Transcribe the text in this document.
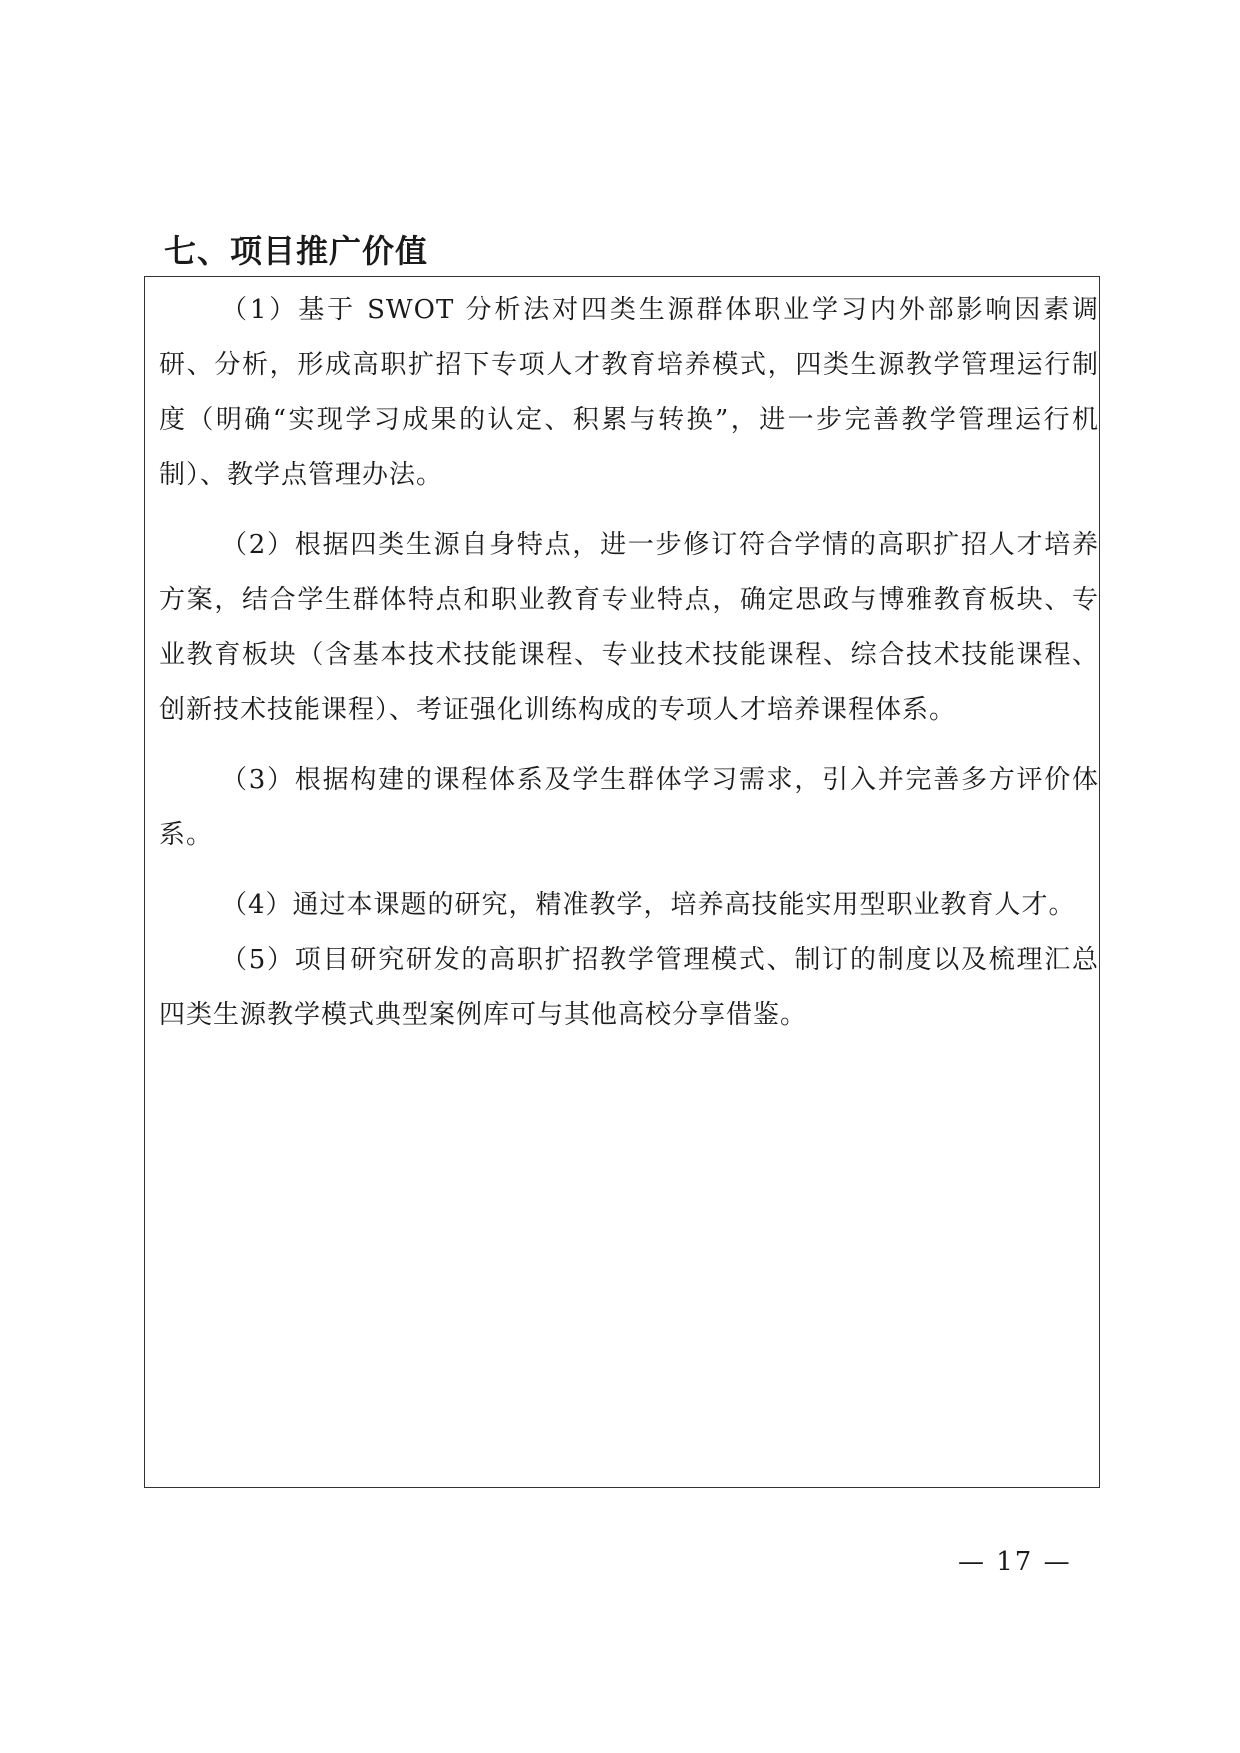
七、项目推广价值

（1）基于 SWOT 分析法对四类生源群体职业学习内外部影响因素调研、分析，形成高职扩招下专项人才教育培养模式，四类生源教学管理运行制度（明确“实现学习成果的认定、积累与转换”，进一步完善教学管理运行机制）、教学点管理办法。

（2）根据四类生源自身特点，进一步修订符合学情的高职扩招人才培养方案，结合学生群体特点和职业教育专业特点，确定思政与博雅教育板块、专业教育板块（含基本技术技能课程、专业技术技能课程、综合技术技能课程、创新技术技能课程）、考证强化训练构成的专项人才培养课程体系。

（3）根据构建的课程体系及学生群体学习需求，引入并完善多方评价体系。

（4）通过本课题的研究，精准教学，培养高技能实用型职业教育人才。

（5）项目研究研发的高职扩招教学管理模式、制订的制度以及梳理汇总四类生源教学模式典型案例库可与其他高校分享借鉴。

— 17 —
